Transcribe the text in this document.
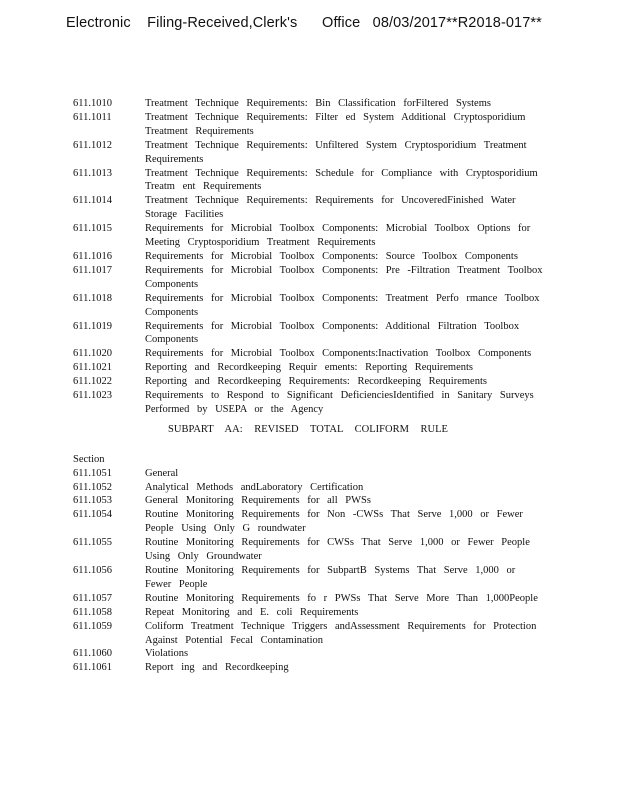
Electronic    Filing-Received,Clerk's      Office   08/03/2017**R2018-017**
611.1010	Treatment Technique Requirements: Bin Classification forFiltered Systems
611.1011	Treatment Technique Requirements: Filter ed System Additional Cryptosporidium Treatment Requirements
611.1012	Treatment Technique Requirements: Unfiltered System Cryptosporidium Treatment Requirements
611.1013	Treatment Technique Requirements: Schedule for Compliance with Cryptosporidium Treatm ent Requirements
611.1014	Treatment Technique Requirements: Requirements for UncoveredFinished Water Storage Facilities
611.1015	Requirements for Microbial Toolbox Components: Microbial Toolbox Options for Meeting Cryptosporidium Treatment Requirements
611.1016	Requirements for Microbial Toolbox Components: Source Toolbox Components
611.1017	Requirements for Microbial Toolbox Components: Pre -Filtration Treatment Toolbox Components
611.1018	Requirements for Microbial Toolbox Components: Treatment Perfo rmance Toolbox Components
611.1019	Requirements for Microbial Toolbox Components: Additional Filtration Toolbox Components
611.1020	Requirements for Microbial Toolbox Components:Inactivation Toolbox Components
611.1021	Reporting and Recordkeeping Requir ements: Reporting Requirements
611.1022	Reporting and Recordkeeping Requirements: Recordkeeping Requirements
611.1023	Requirements to Respond to Significant DeficienciesIdentified in Sanitary Surveys Performed by USEPA or the Agency
SUBPART AA: REVISED TOTAL COLIFORM RULE
Section
611.1051	General
611.1052	Analytical Methods andLaboratory Certification
611.1053	General Monitoring Requirements for all PWSs
611.1054	Routine Monitoring Requirements for Non -CWSs That Serve 1,000 or Fewer People Using Only G roundwater
611.1055	Routine Monitoring Requirements for CWSs That Serve 1,000 or Fewer People Using Only Groundwater
611.1056	Routine Monitoring Requirements for SubpartB Systems That Serve 1,000 or Fewer People
611.1057	Routine Monitoring Requirements fo r PWSs That Serve More Than 1,000People
611.1058	Repeat Monitoring and E. coli Requirements
611.1059	Coliform Treatment Technique Triggers andAssessment Requirements for Protection Against Potential Fecal Contamination
611.1060	Violations
611.1061	Report ing and Recordkeeping
